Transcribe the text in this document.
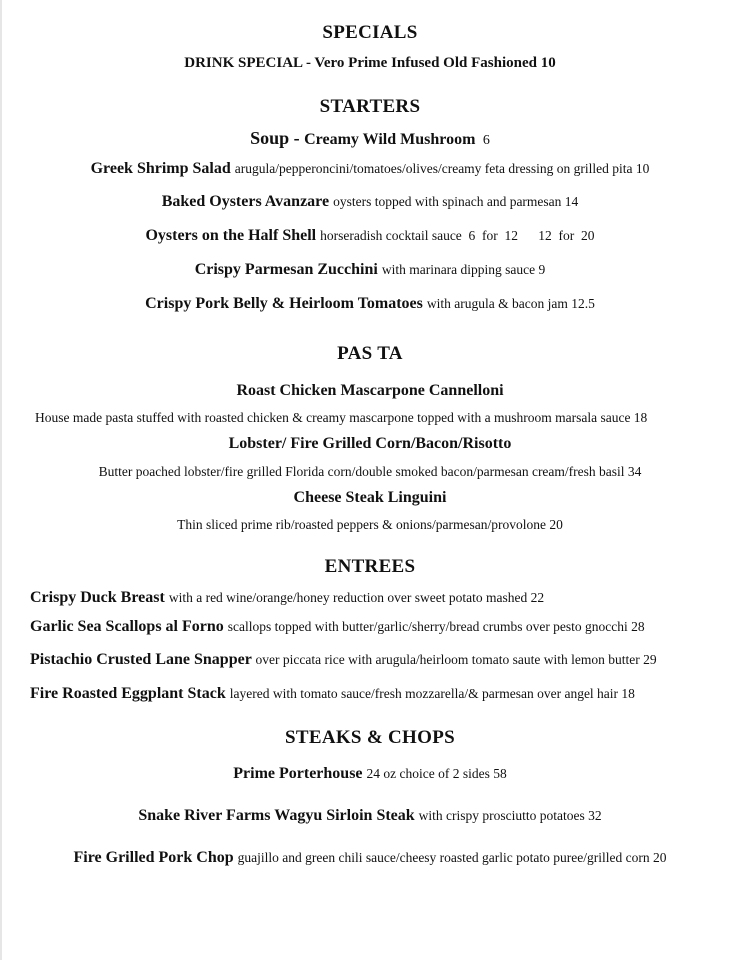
SPECIALS
DRINK SPECIAL - Vero Prime Infused Old Fashioned 10
STARTERS
Soup - Creamy Wild Mushroom 6
Greek Shrimp Salad arugula/pepperoncini/tomatoes/olives/creamy feta dressing on grilled pita 10
Baked Oysters Avanzare oysters topped with spinach and parmesan 14
Oysters on the Half Shell horseradish cocktail sauce  6  for  12      12  for  20
Crispy Parmesan Zucchini with marinara dipping sauce 9
Crispy Pork Belly & Heirloom Tomatoes with arugula & bacon jam 12.5
PAS TA
Roast Chicken Mascarpone Cannelloni
House made pasta stuffed with roasted chicken & creamy mascarpone topped with a mushroom marsala sauce 18
Lobster/ Fire Grilled Corn/Bacon/Risotto
Butter poached lobster/fire grilled Florida corn/double smoked bacon/parmesan cream/fresh basil 34
Cheese Steak Linguini
Thin sliced prime rib/roasted peppers & onions/parmesan/provolone 20
ENTREES
Crispy Duck Breast with a red wine/orange/honey reduction over sweet potato mashed 22
Garlic Sea Scallops al Forno scallops topped with butter/garlic/sherry/bread crumbs over pesto gnocchi 28
Pistachio Crusted Lane Snapper over piccata rice with arugula/heirloom tomato saute with lemon butter 29
Fire Roasted Eggplant Stack layered with tomato sauce/fresh mozzarella/& parmesan over angel hair 18
STEAKS & CHOPS
Prime Porterhouse 24 oz choice of 2 sides 58
Snake River Farms Wagyu Sirloin Steak with crispy prosciutto potatoes 32
Fire Grilled Pork Chop guajillo and green chili sauce/cheesy roasted garlic potato puree/grilled corn 20
